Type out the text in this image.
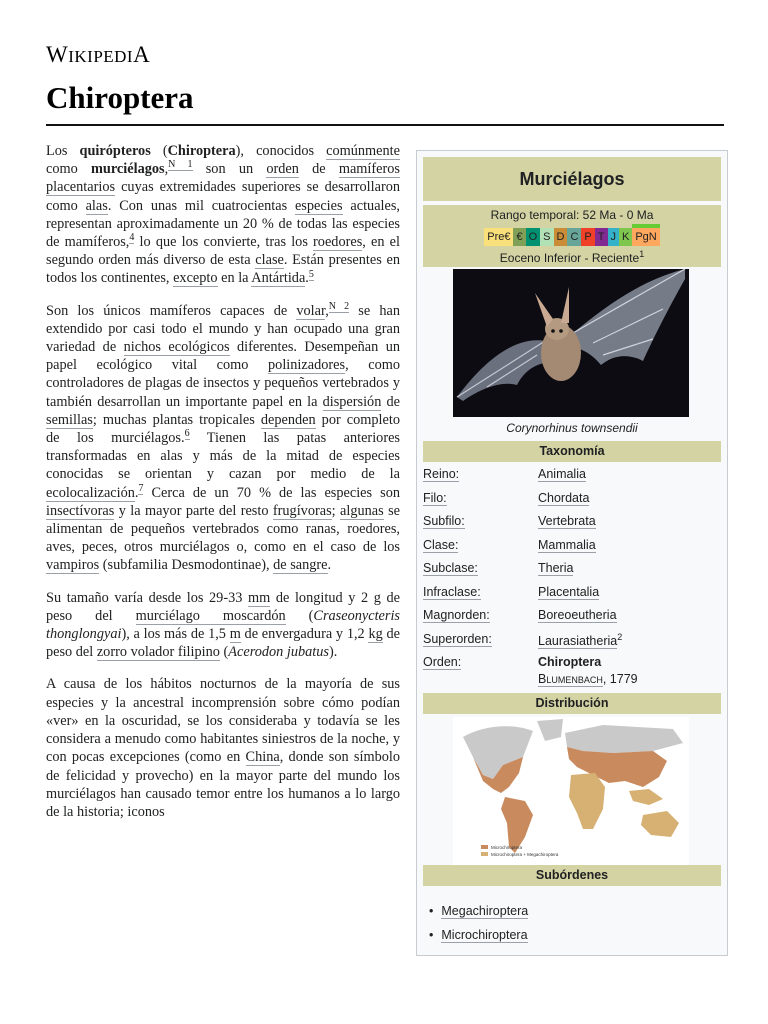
WIKIPEDIA
Chiroptera

Los quirópteros (Chiroptera), conocidos comúnmente como murciélagos,$^{N 1}$ son un orden de mamíferos placentarios cuyas extremidades superiores se desarrollaron como alas. Con unas mil cuatrocientas especies actuales, representan aproximadamente un 20 % de todas las especies de mamíferos,$^4$ lo que los convierte, tras los roedores, en el segundo orden más diverso de esta clase. Están presentes en todos los continentes, excepto en la Antártida.$^5$

Son los únicos mamíferos capaces de volar,$^{N 2}$ se han extendido por casi todo el mundo y han ocupado una gran variedad de nichos ecológicos diferentes. Desempeñan un papel ecológico vital como polinizadores, como controladores de plagas de insectos y pequeños vertebrados y también desarrollan un importante papel en la dispersión de semillas; muchas plantas tropicales dependen por completo de los murciélagos.$^6$ Tienen las patas anteriores transformadas en alas y más de la mitad de especies conocidas se orientan y cazan por medio de la ecolocalización.$^7$ Cerca de un 70 % de las especies son insectívoras y la mayor parte del resto frugívoras; algunas se alimentan de pequeños vertebrados como ranas, roedores, aves, peces, otros murciélagos o, como en el caso de los vampiros (subfamilia Desmodontinae), de sangre.

Su tamaño varía desde los 29-33 mm de longitud y 2 g de peso del murciélago moscardón (Craseonycteris thonglongyai), a los más de 1,5 m de envergadura y 1,2 kg de peso del zorro volador filipino (Acerodon jubatus).

A causa de los hábitos nocturnos de la mayoría de sus especies y la ancestral incomprensión sobre cómo podían «ver» en la oscuridad, se los consideraba y todavía se les considera a menudo como habitantes siniestros de la noche, y con pocas excepciones (como en China, donde son símbolo de felicidad y provecho) en la mayor parte del mundo los murciélagos han causado temor entre los humanos a lo largo de la historia; iconos

Murciélagos
Rango temporal: 52 Ma - 0 Ma
Pre€ € O S D C P T J K PgN
Eoceno Inferior - Reciente$^1$
Corynorhinus townsendii
Taxonomía
Reino:	Animalia
Filo:	Chordata
Subfilo:	Vertebrata
Clase:	Mammalia
Subclase:	Theria
Infraclase:	Placentalia
Magnorden:	Boreoeutheria
Superorden:	Laurasiatheria$^2$
Orden:	Chiroptera
Blumenbach, 1779
Distribución
Microchiroptera
Microchiroptera + Megachiroptera
Subórdenes
• Megachiroptera
• Microchiroptera
